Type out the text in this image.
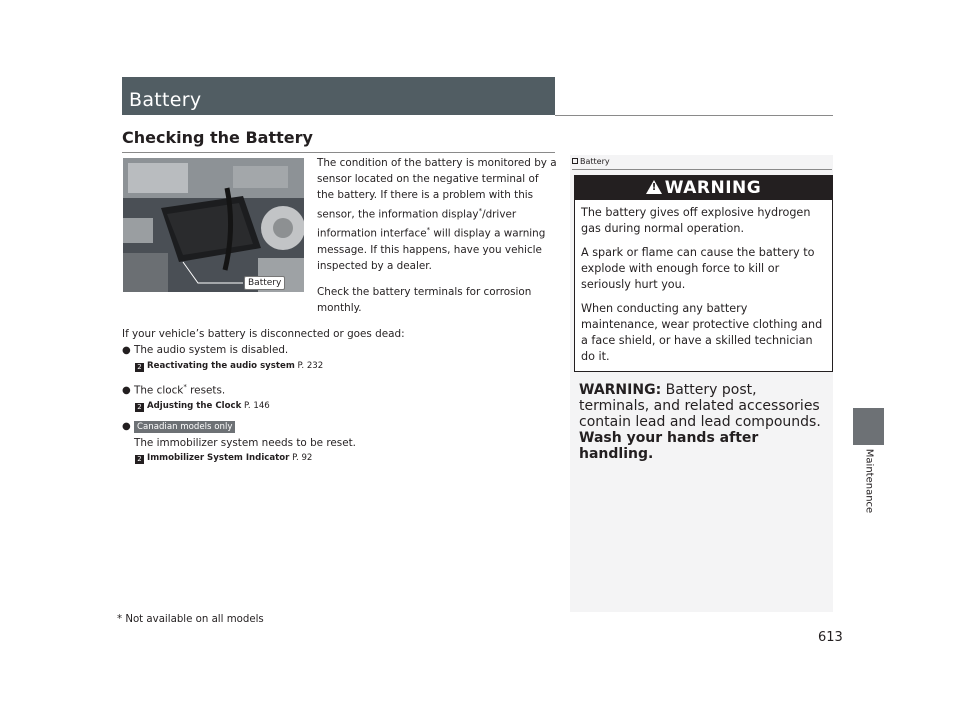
Battery
Maintenance
Checking the Battery
Battery

The condition of the battery is monitored by a sensor located on the negative terminal of the battery. If there is a problem with this sensor, the information display*/driver information interface* will display a warning message. If this happens, have you vehicle inspected by a dealer.

Check the battery terminals for corrosion monthly.

If your vehicle’s battery is disconnected or goes dead:
● The audio system is disabled.
2 Reactivating the audio system P. 232
● The clock* resets.
2 Adjusting the Clock P. 146
● Canadian models only
The immobilizer system needs to be reset.
2 Immobilizer System Indicator P. 92
* Not available on all models
613
Battery
!WARNING

The battery gives off explosive hydrogen gas during normal operation.

A spark or flame can cause the battery to explode with enough force to kill or seriously hurt you.

When conducting any battery maintenance, wear protective clothing and a face shield, or have a skilled technician do it.

WARNING: Battery post, terminals, and related accessories contain lead and lead compounds.
Wash your hands after handling.
